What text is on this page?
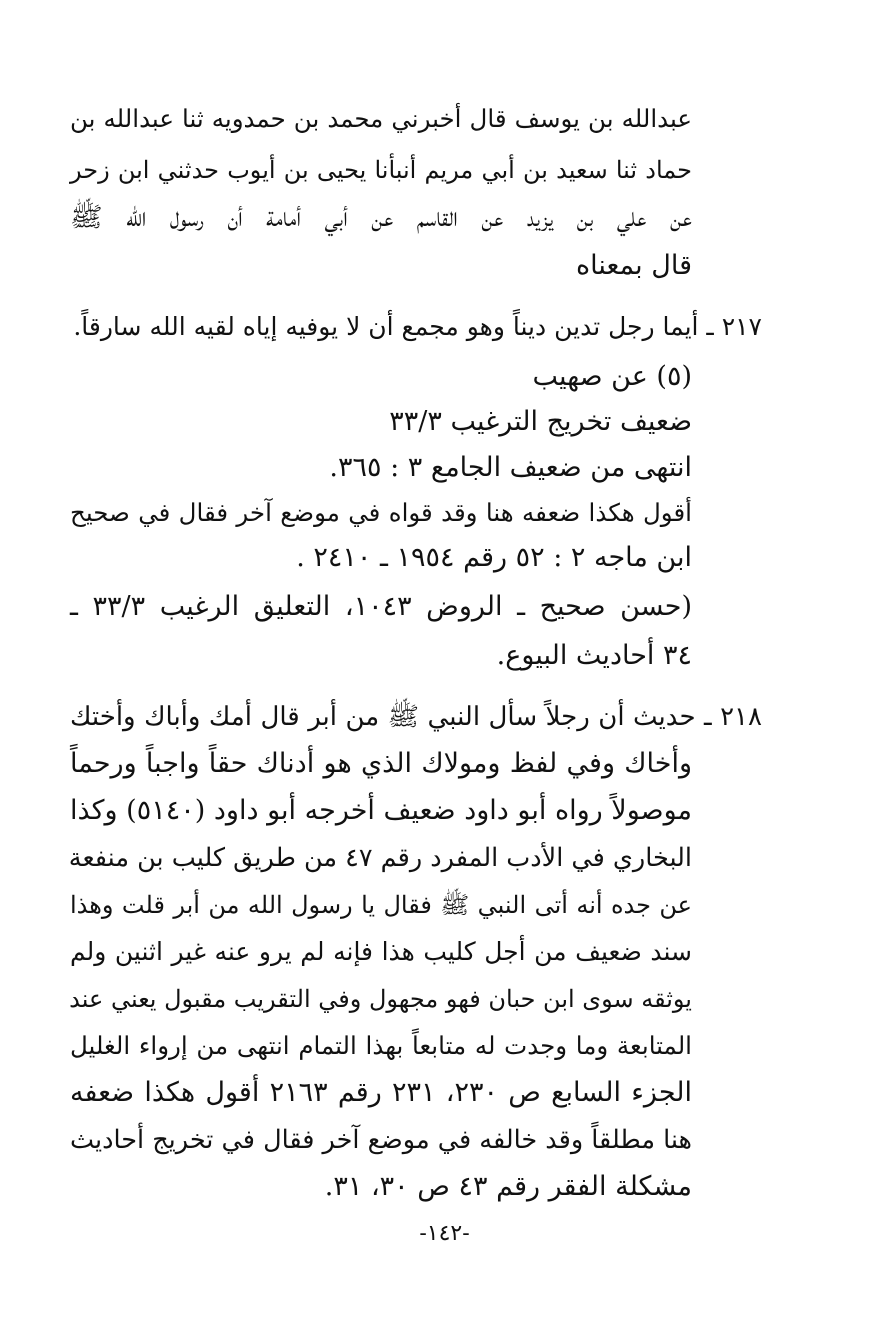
عبدالله بن يوسف قال أخبرني محمد بن حمدويه ثنا عبدالله بن
حماد ثنا سعيد بن أبي مريم أنبأنا يحيى بن أيوب حدثني ابن زحر
عن علي بن يزيد عن القاسم عن أبي أمامة أن رسول الله ﷺ
قال بمعناه
٢١٧ ـ أيما رجل تدين ديناً وهو مجمع أن لا يوفيه إياه لقيه الله سارقاً.
(٥) عن صهيب
ضعيف تخريج الترغيب ٣٣/٣
انتهى من ضعيف الجامع ٣ : ٣٦٥.
أقول هكذا ضعفه هنا وقد قواه في موضع آخر فقال في صحيح
ابن ماجه ٢ : ٥٢ رقم ١٩٥٤ ـ ٢٤١٠ .
(حسن صحيح ـ الروض ١٠٤٣، التعليق الرغيب ٣٣/٣ ـ
٣٤ أحاديث البيوع.
٢١٨ ـ حديث أن رجلاً سأل النبي ﷺ من أبر قال أمك وأباك وأختك
وأخاك وفي لفظ ومولاك الذي هو أدناك حقاً واجباً ورحماً
موصولاً رواه أبو داود ضعيف أخرجه أبو داود (٥١٤٠) وكذا
البخاري في الأدب المفرد رقم ٤٧ من طريق كليب بن منفعة
عن جده أنه أتى النبي ﷺ فقال يا رسول الله من أبر قلت وهذا
سند ضعيف من أجل كليب هذا فإنه لم يرو عنه غير اثنين ولم
يوثقه سوى ابن حبان فهو مجهول وفي التقريب مقبول يعني عند
المتابعة وما وجدت له متابعاً بهذا التمام انتهى من إرواء الغليل
الجزء السابع ص ٢٣٠، ٢٣١ رقم ٢١٦٣ أقول هكذا ضعفه
هنا مطلقاً وقد خالفه في موضع آخر فقال في تخريج أحاديث
مشكلة الفقر رقم ٤٣ ص ٣٠، ٣١.
-١٤٢-
